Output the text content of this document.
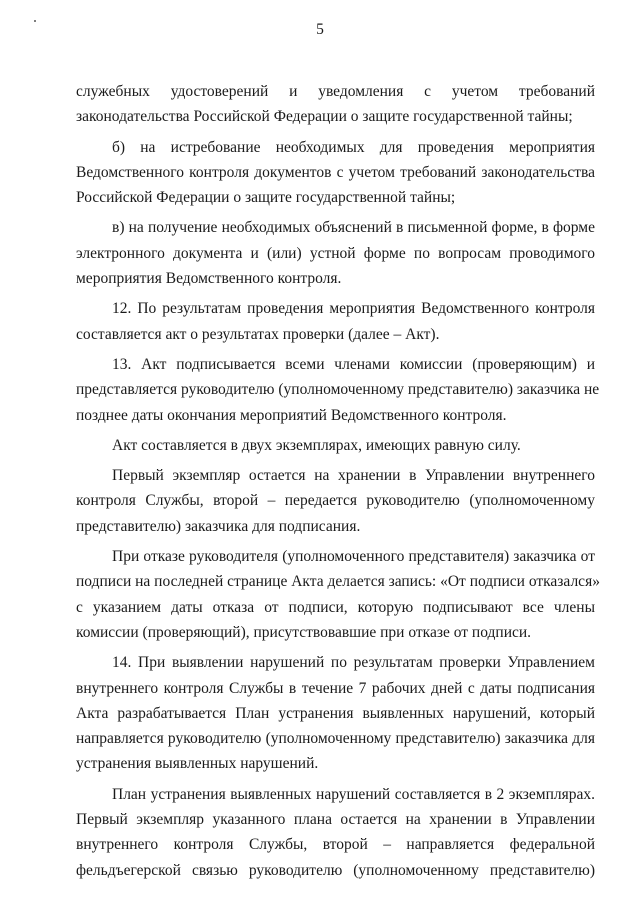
5
служебных удостоверений и уведомления с учетом требований
законодательства Российской Федерации о защите государственной тайны;
б) на истребование необходимых для проведения мероприятия
Ведомственного контроля документов с учетом требований законодательства
Российской Федерации о защите государственной тайны;
в) на получение необходимых объяснений в письменной форме, в форме
электронного документа и (или) устной форме по вопросам проводимого
мероприятия Ведомственного контроля.
12. По результатам проведения мероприятия Ведомственного контроля
составляется акт о результатах проверки (далее – Акт).
13. Акт подписывается всеми членами комиссии (проверяющим) и
представляется руководителю (уполномоченному представителю) заказчика не
позднее даты окончания мероприятий Ведомственного контроля.
Акт составляется в двух экземплярах, имеющих равную силу.
Первый экземпляр остается на хранении в Управлении внутреннего
контроля Службы, второй – передается руководителю (уполномоченному
представителю) заказчика для подписания.
При отказе руководителя (уполномоченного представителя) заказчика от
подписи на последней странице Акта делается запись: «От подписи отказался»
с указанием даты отказа от подписи, которую подписывают все члены
комиссии (проверяющий), присутствовавшие при отказе от подписи.
14. При выявлении нарушений по результатам проверки Управлением
внутреннего контроля Службы в течение 7 рабочих дней с даты подписания
Акта разрабатывается План устранения выявленных нарушений, который
направляется руководителю (уполномоченному представителю) заказчика для
устранения выявленных нарушений.
План устранения выявленных нарушений составляется в 2 экземплярах.
Первый экземпляр указанного плана остается на хранении в Управлении
внутреннего контроля Службы, второй – направляется федеральной
фельдъегерской связью руководителю (уполномоченному представителю)
